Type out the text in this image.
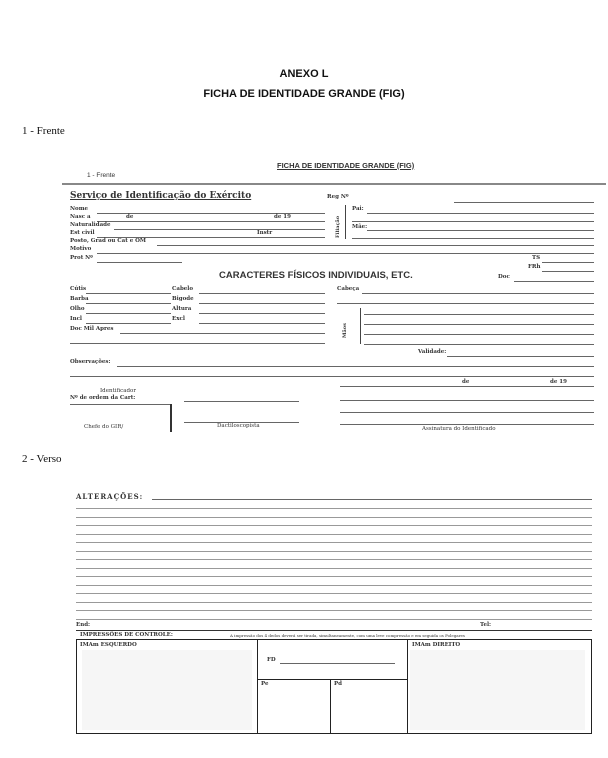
ANEXO L
FICHA DE IDENTIDADE GRANDE (FIG)
1 - Frente
FICHA DE IDENTIDADE GRANDE (FIG)
1 - Frente
Serviço de Identificação do Exército	Reg Nº
Nome
Nasc a	de	de 19
Naturalidade
Est civil	Instr	Filiação
Pai:
Mãe:
Posto, Grad ou Cat e OM
Motivo
Prot Nº	TS
FRh
CARACTERES FÍSICOS INDIVIDUAIS, ETC.	Doc
Cútis	Cabelo	Cabeça
Barba	Bigode
Olho	Altura
Incl	Excl
Mãos
Doc Mil Apres
Validade:
Observações:
Identificador
Nº de ordem da Cart:
de	de 19
Chefe do GIR/	Dactiloscopista	Assinatura do Identificado
2 - Verso
ALTERAÇÕES:
End:	Tel:
IMPRESSÕES DE CONTROLE:	A impressão dos 4 dedos deverá ser tirada, simultaneamente, com uma leve compressão e em seguida os Polegares
IMAm ESQUERDO	IMAm DIREITO
FD
Pe	Pd
